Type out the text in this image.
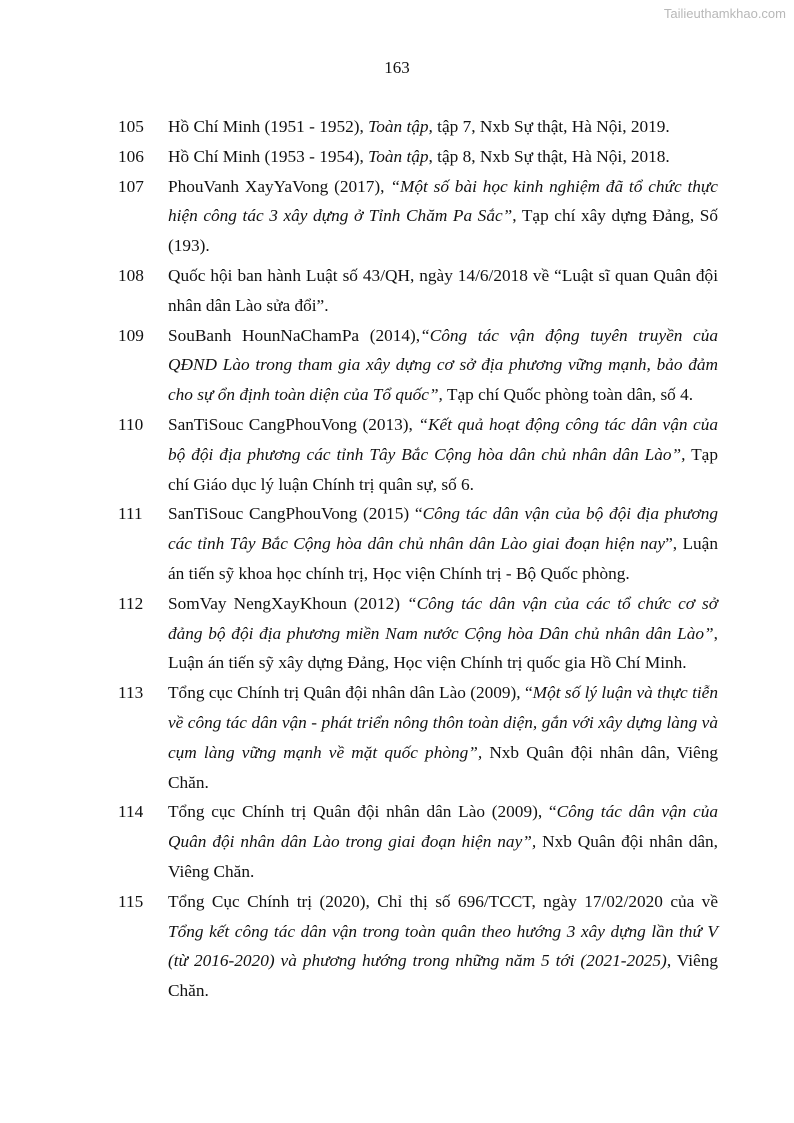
Tailieuthamkhao.com
163
105 Hồ Chí Minh (1951 - 1952), Toàn tập, tập 7, Nxb Sự thật, Hà Nội, 2019.
106 Hồ Chí Minh (1953 - 1954), Toàn tập, tập 8, Nxb Sự thật, Hà Nội, 2018.
107 PhouVanh XayYaVong (2017), “Một số bài học kinh nghiệm đã tổ chức thực hiện công tác 3 xây dựng ở Tỉnh Chăm Pa Sắc”, Tạp chí xây dựng Đảng, Số (193).
108 Quốc hội ban hành Luật số 43/QH, ngày 14/6/2018 về “Luật sĩ quan Quân đội nhân dân Lào sửa đổi”.
109 SouBanh HounNaChamPa (2014),“Công tác vận động tuyên truyền của QĐND Lào trong tham gia xây dựng cơ sở địa phương vững mạnh, bảo đảm cho sự ổn định toàn diện của Tổ quốc”, Tạp chí Quốc phòng toàn dân, số 4.
110 SanTiSouc CangPhouVong (2013), “Kết quả hoạt động công tác dân vận của bộ đội địa phương các tỉnh Tây Bắc Cộng hòa dân chủ nhân dân Lào”, Tạp chí Giáo dục lý luận Chính trị quân sự, số 6.
111 SanTiSouc CangPhouVong (2015) “Công tác dân vận của bộ đội địa phương các tỉnh Tây Bắc Cộng hòa dân chủ nhân dân Lào giai đoạn hiện nay”, Luận án tiến sỹ khoa học chính trị, Học viện Chính trị - Bộ Quốc phòng.
112 SomVay NengXayKhoun (2012) “Công tác dân vận của các tổ chức cơ sở đảng bộ đội địa phương miền Nam nước Cộng hòa Dân chủ nhân dân Lào”, Luận án tiến sỹ xây dựng Đảng, Học viện Chính trị quốc gia Hồ Chí Minh.
113 Tổng cục Chính trị Quân đội nhân dân Lào (2009), “Một số lý luận và thực tiễn về công tác dân vận - phát triển nông thôn toàn diện, gắn với xây dựng làng và cụm làng vững mạnh về mặt quốc phòng”, Nxb Quân đội nhân dân, Viêng Chăn.
114 Tổng cục Chính trị Quân đội nhân dân Lào (2009), “Công tác dân vận của Quân đội nhân dân Lào trong giai đoạn hiện nay”, Nxb Quân đội nhân dân, Viêng Chăn.
115 Tổng Cục Chính trị (2020), Chỉ thị số 696/TCCT, ngày 17/02/2020 của về Tổng kết công tác dân vận trong toàn quân theo hướng 3 xây dựng lần thứ V (từ 2016-2020) và phương hướng trong những năm 5 tới (2021-2025), Viêng Chăn.
